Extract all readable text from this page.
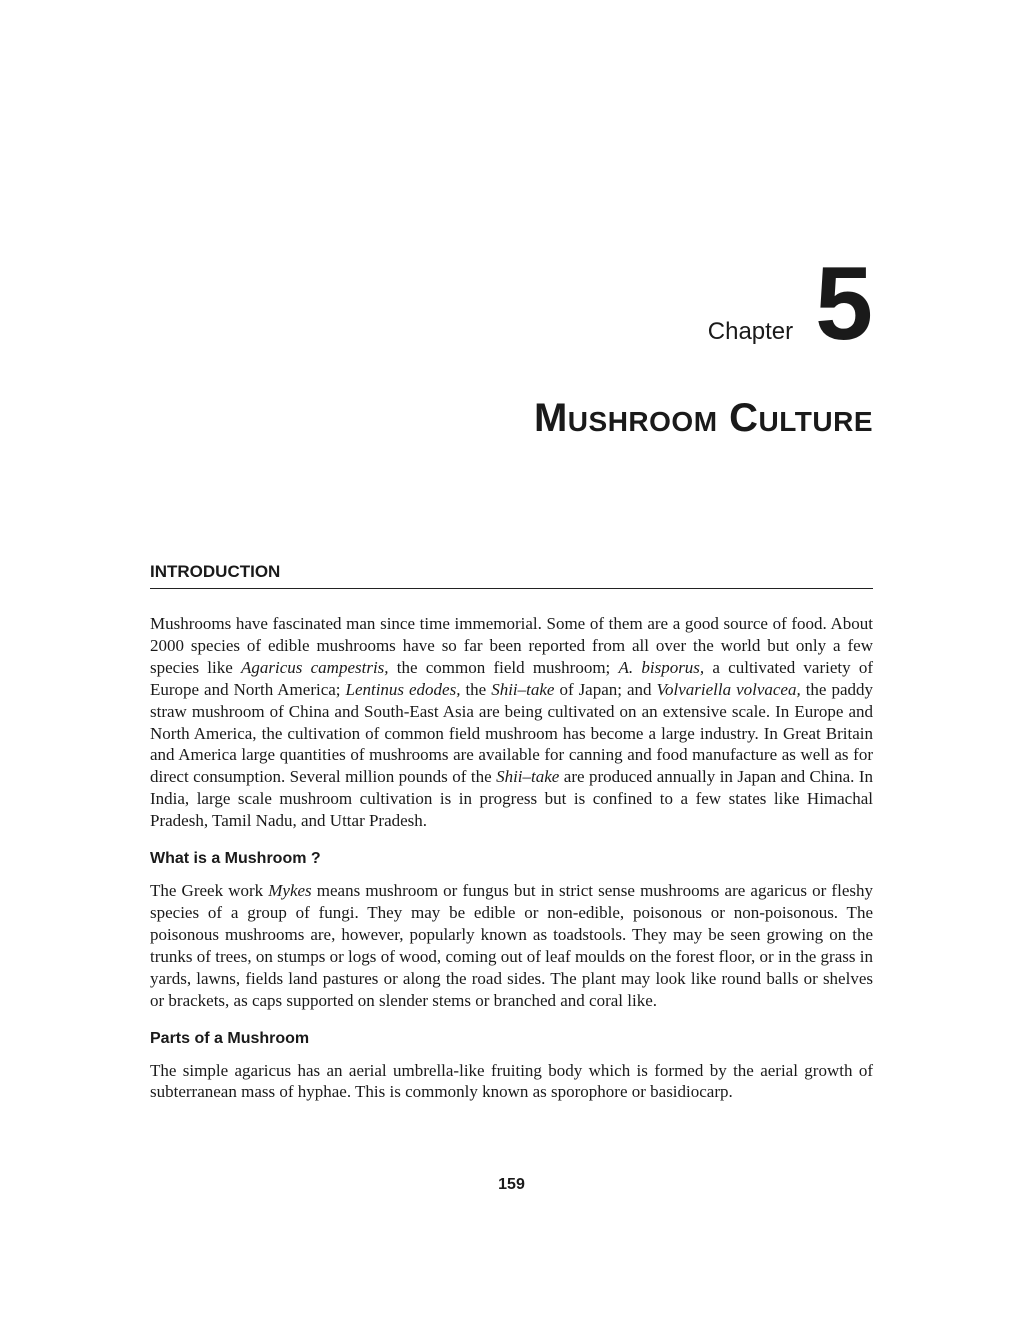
Chapter 5
Mushroom Culture
INTRODUCTION

Mushrooms have fascinated man since time immemorial. Some of them are a good source of food. About 2000 species of edible mushrooms have so far been reported from all over the world but only a few species like Agaricus campestris, the common field mushroom; A. bisporus, a cultivated variety of Europe and North America; Lentinus edodes, the Shii–take of Japan; and Volvariella volvacea, the paddy straw mushroom of China and South-East Asia are being cultivated on an extensive scale. In Europe and North America, the cultivation of common field mushroom has become a large industry. In Great Britain and America large quantities of mushrooms are available for canning and food manufacture as well as for direct consumption. Several million pounds of the Shii–take are produced annually in Japan and China. In India, large scale mushroom cultivation is in progress but is confined to a few states like Himachal Pradesh, Tamil Nadu, and Uttar Pradesh.

What is a Mushroom ?

The Greek work Mykes means mushroom or fungus but in strict sense mushrooms are agaricus or fleshy species of a group of fungi. They may be edible or non-edible, poisonous or non-poisonous. The poisonous mushrooms are, however, popularly known as toadstools. They may be seen growing on the trunks of trees, on stumps or logs of wood, coming out of leaf moulds on the forest floor, or in the grass in yards, lawns, fields land pastures or along the road sides. The plant may look like round balls or shelves or brackets, as caps supported on slender stems or branched and coral like.

Parts of a Mushroom

The simple agaricus has an aerial umbrella-like fruiting body which is formed by the aerial growth of subterranean mass of hyphae. This is commonly known as sporophore or basidiocarp.

159
